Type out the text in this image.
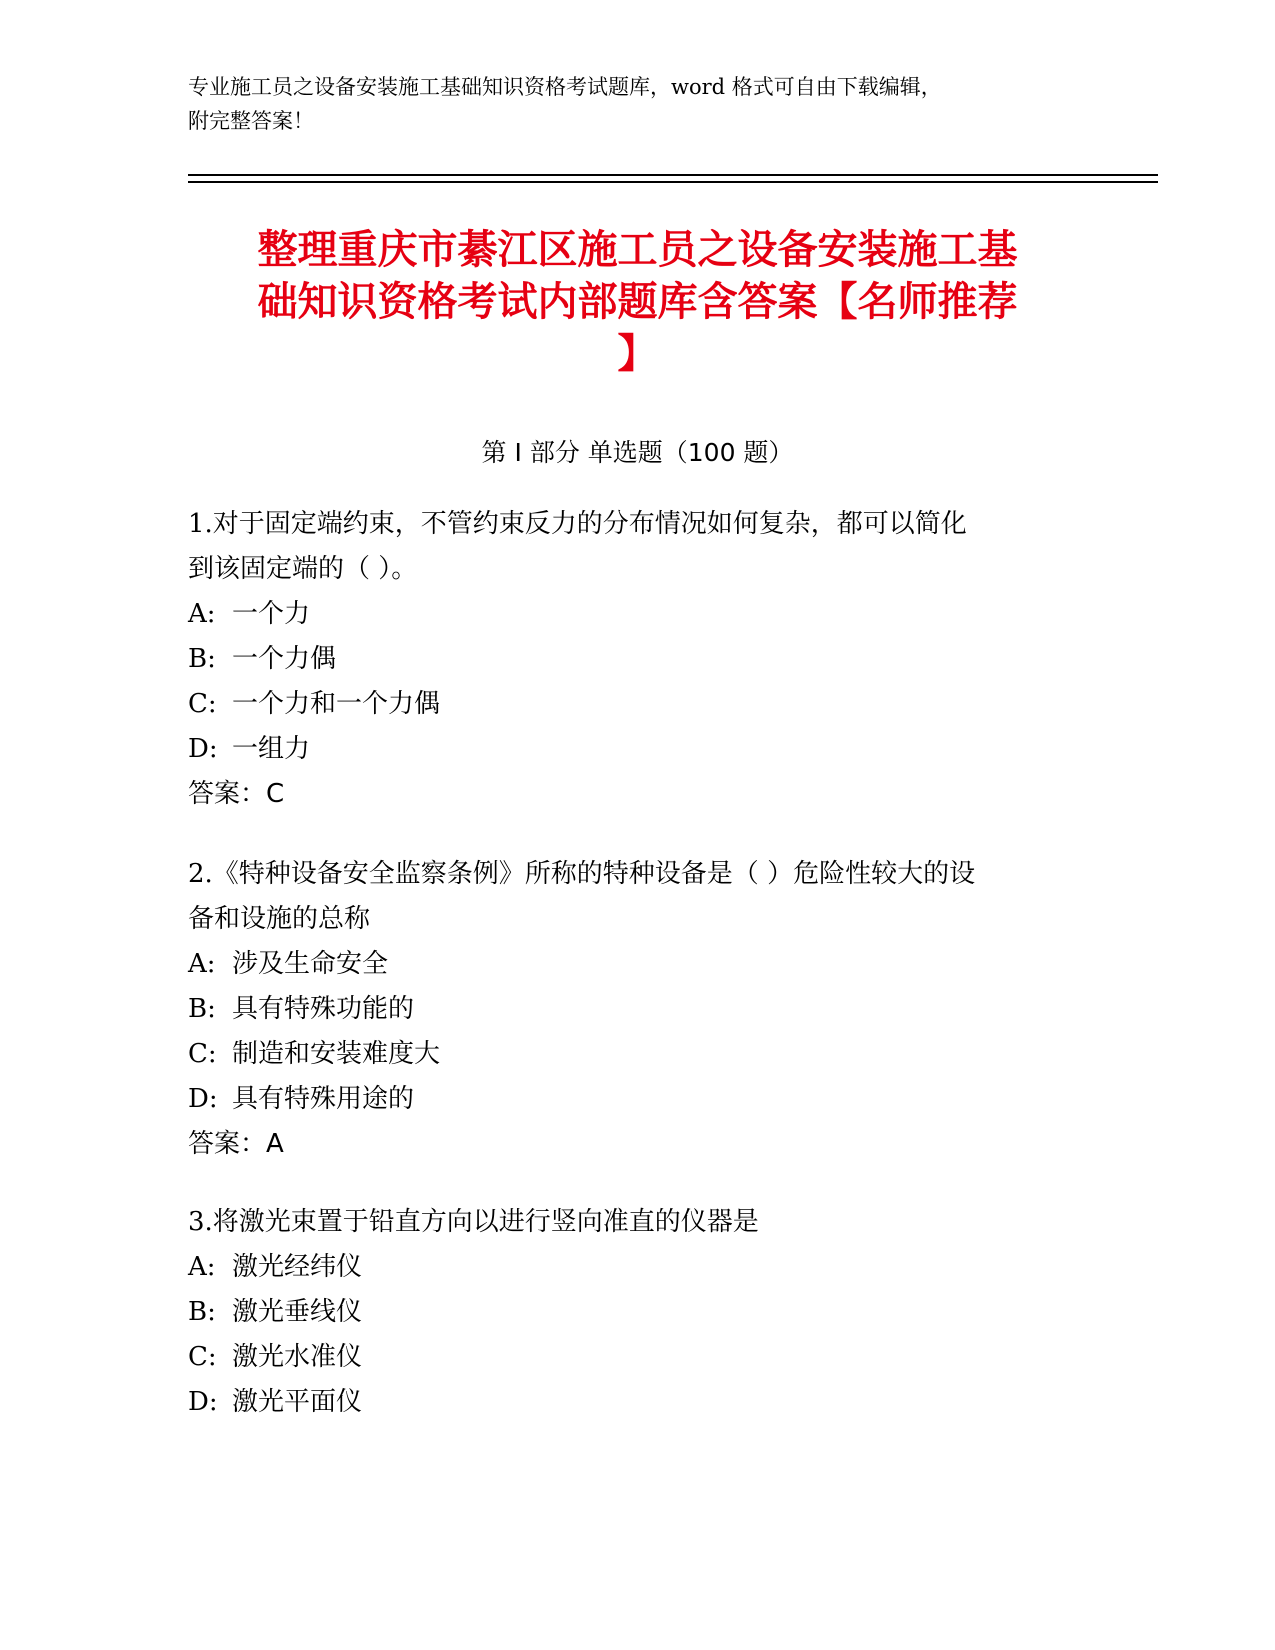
专业施工员之设备安装施工基础知识资格考试题库，word 格式可自由下载编辑，
附完整答案！
整理重庆市綦江区施工员之设备安装施工基
础知识资格考试内部题库含答案【名师推荐
】
第 I 部分 单选题（100 题）
1.对于固定端约束，不管约束反力的分布情况如何复杂，都可以简化
到该固定端的（ ）。
A: 一个力
B: 一个力偶
C: 一个力和一个力偶
D: 一组力
答案：C
2.《特种设备安全监察条例》所称的特种设备是（ ）危险性较大的设
备和设施的总称
A: 涉及生命安全
B: 具有特殊功能的
C: 制造和安装难度大
D: 具有特殊用途的
答案：A
3.将激光束置于铅直方向以进行竖向准直的仪器是
A: 激光经纬仪
B: 激光垂线仪
C: 激光水准仪
D: 激光平面仪
